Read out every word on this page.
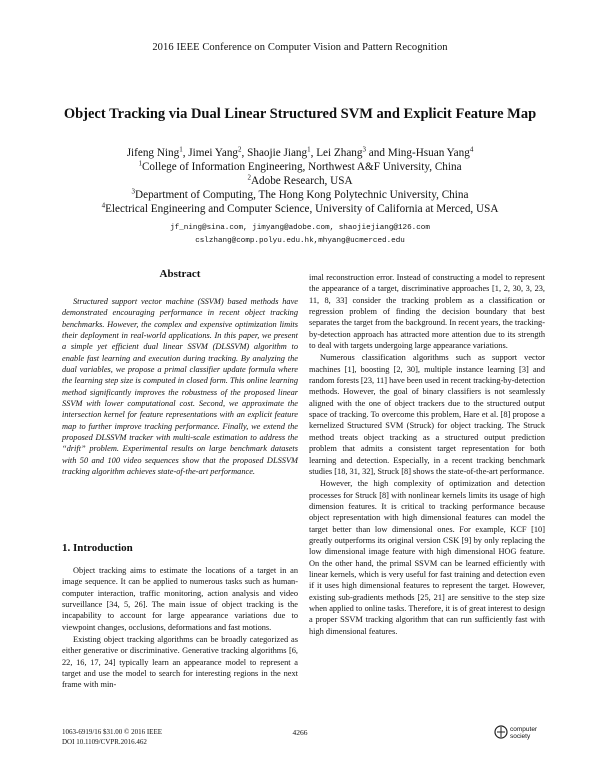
2016 IEEE Conference on Computer Vision and Pattern Recognition
Object Tracking via Dual Linear Structured SVM and Explicit Feature Map
Jifeng Ning$^1$, Jimei Yang$^2$, Shaojie Jiang$^1$, Lei Zhang$^3$ and Ming-Hsuan Yang$^4$
$^1$College of Information Engineering, Northwest A&F University, China
$^2$Adobe Research, USA
$^3$Department of Computing, The Hong Kong Polytechnic University, China
$^4$Electrical Engineering and Computer Science, University of California at Merced, USA
jf_ning@sina.com, jimyang@adobe.com, shaojiejiang@126.com
cslzhang@comp.polyu.edu.hk,mhyang@ucmerced.edu
Abstract

Structured support vector machine (SSVM) based methods have demonstrated encouraging performance in recent object tracking benchmarks. However, the complex and expensive optimization limits their deployment in real-world applications. In this paper, we present a simple yet efficient dual linear SSVM (DLSSVM) algorithm to enable fast learning and execution during tracking. By analyzing the dual variables, we propose a primal classifier update formula where the learning step size is computed in closed form. This online learning method significantly improves the robustness of the proposed linear SSVM with lower computational cost. Second, we approximate the intersection kernel for feature representations with an explicit feature map to further improve tracking performance. Finally, we extend the proposed DLSSVM tracker with multi-scale estimation to address the “drift” problem. Experimental results on large benchmark datasets with 50 and 100 video sequences show that the proposed DLSSVM tracking algorithm achieves state-of-the-art performance.

1. Introduction

Object tracking aims to estimate the locations of a target in an image sequence. It can be applied to numerous tasks such as human-computer interaction, traffic monitoring, action analysis and video surveillance [34, 5, 26]. The main issue of object tracking is the incapability to account for large appearance variations due to viewpoint changes, occlusions, deformations and fast motions.

Existing object tracking algorithms can be broadly categorized as either generative or discriminative. Generative tracking algorithms [6, 22, 16, 17, 24] typically learn an appearance model to represent a target and use the model to search for interesting regions in the next frame with min-

imal reconstruction error. Instead of constructing a model to represent the appearance of a target, discriminative approaches [1, 2, 30, 3, 23, 11, 8, 33] consider the tracking problem as a classification or regression problem of finding the decision boundary that best separates the target from the background. In recent years, the tracking-by-detection approach has attracted more attention due to its strength to deal with targets undergoing large appearance variations.

Numerous classification algorithms such as support vector machines [1], boosting [2, 30], multiple instance learning [3] and random forests [23, 11] have been used in recent tracking-by-detection methods. However, the goal of binary classifiers is not seamlessly aligned with the one of object trackers due to the structured output space of tracking. To overcome this problem, Hare et al. [8] propose a kernelized Structured SVM (Struck) for object tracking. The Struck method treats object tracking as a structured output prediction problem that admits a consistent target representation for both learning and detection. Especially, in a recent tracking benchmark studies [18, 31, 32], Struck [8] shows the state-of-the-art performance.

However, the high complexity of optimization and detection processes for Struck [8] with nonlinear kernels limits its usage of high dimension features. It is critical to tracking performance because object representation with high dimensional features can model the target better than low dimensional ones. For example, KCF [10] greatly outperforms its original version CSK [9] by only replacing the low dimensional image feature with high dimensional HOG feature. On the other hand, the primal SSVM can be learned efficiently with linear kernels, which is very useful for fast training and detection even if it uses high dimensional features to represent the target. However, existing sub-gradients methods [25, 21] are sensitive to the step size when applied to online tasks. Therefore, it is of great interest to design a proper SSVM tracking algorithm that can run sufficiently fast with high dimensional features.

1063-6919/16 $31.00 © 2016 IEEE
DOI 10.1109/CVPR.2016.462
4266	computer
society
